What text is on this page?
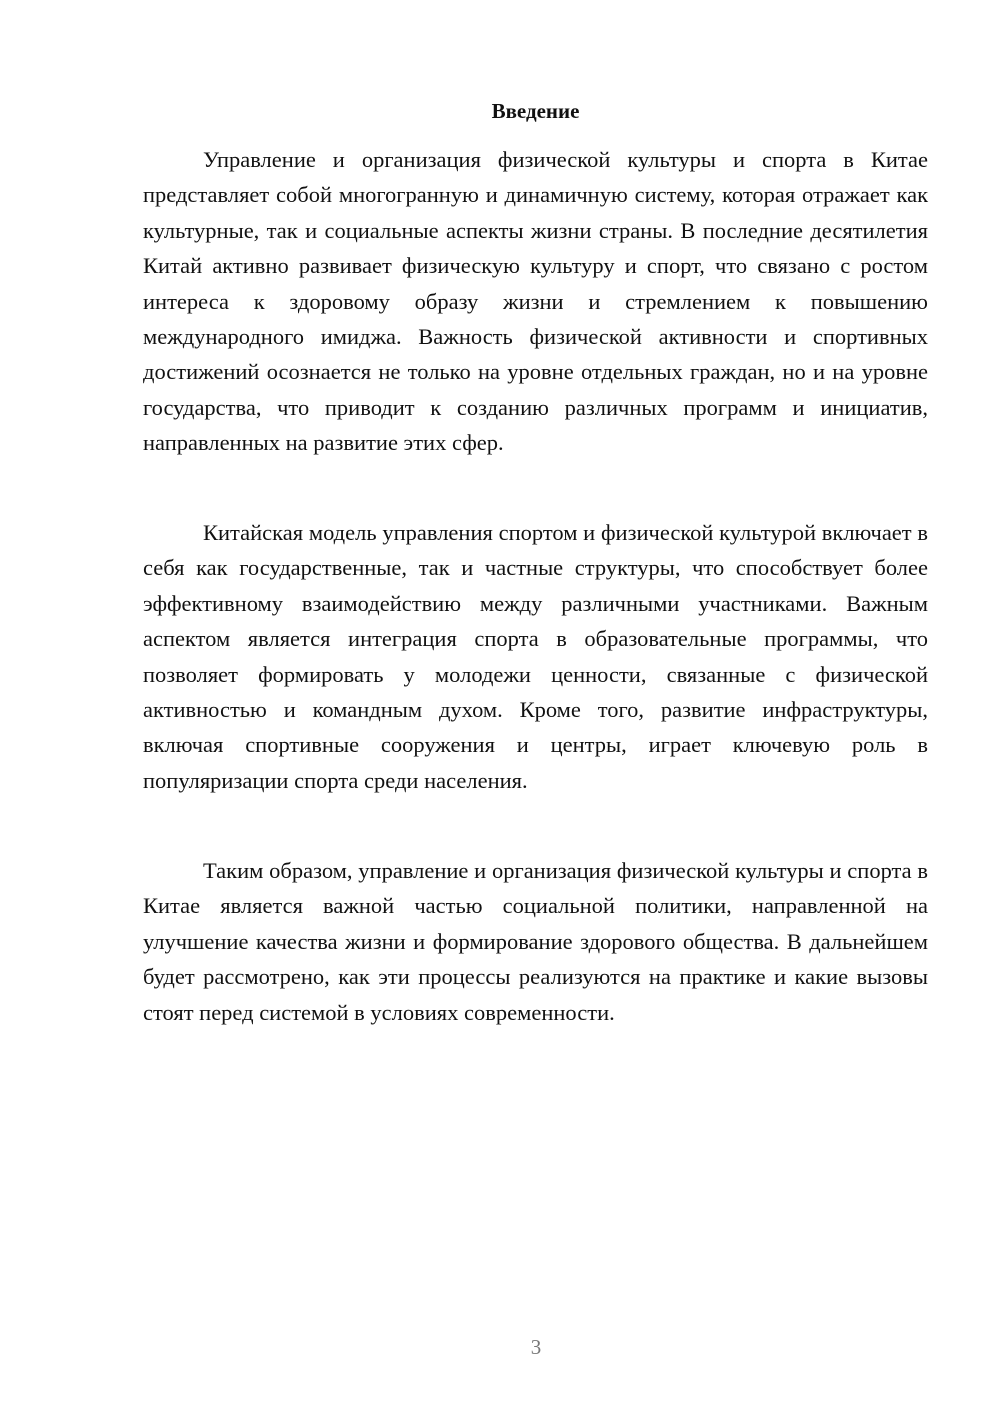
Введение

Управление и организация физической культуры и спорта в Китае представляет собой многогранную и динамичную систему, которая отражает как культурные, так и социальные аспекты жизни страны. В последние десятилетия Китай активно развивает физическую культуру и спорт, что связано с ростом интереса к здоровому образу жизни и стремлением к повышению международного имиджа. Важность физической активности и спортивных достижений осознается не только на уровне отдельных граждан, но и на уровне государства, что приводит к созданию различных программ и инициатив, направленных на развитие этих сфер.

Китайская модель управления спортом и физической культурой включает в себя как государственные, так и частные структуры, что способствует более эффективному взаимодействию между различными участниками. Важным аспектом является интеграция спорта в образовательные программы, что позволяет формировать у молодежи ценности, связанные с физической активностью и командным духом. Кроме того, развитие инфраструктуры, включая спортивные сооружения и центры, играет ключевую роль в популяризации спорта среди населения.

Таким образом, управление и организация физической культуры и спорта в Китае является важной частью социальной политики, направленной на улучшение качества жизни и формирование здорового общества. В дальнейшем будет рассмотрено, как эти процессы реализуются на практике и какие вызовы стоят перед системой в условиях современности.

3
